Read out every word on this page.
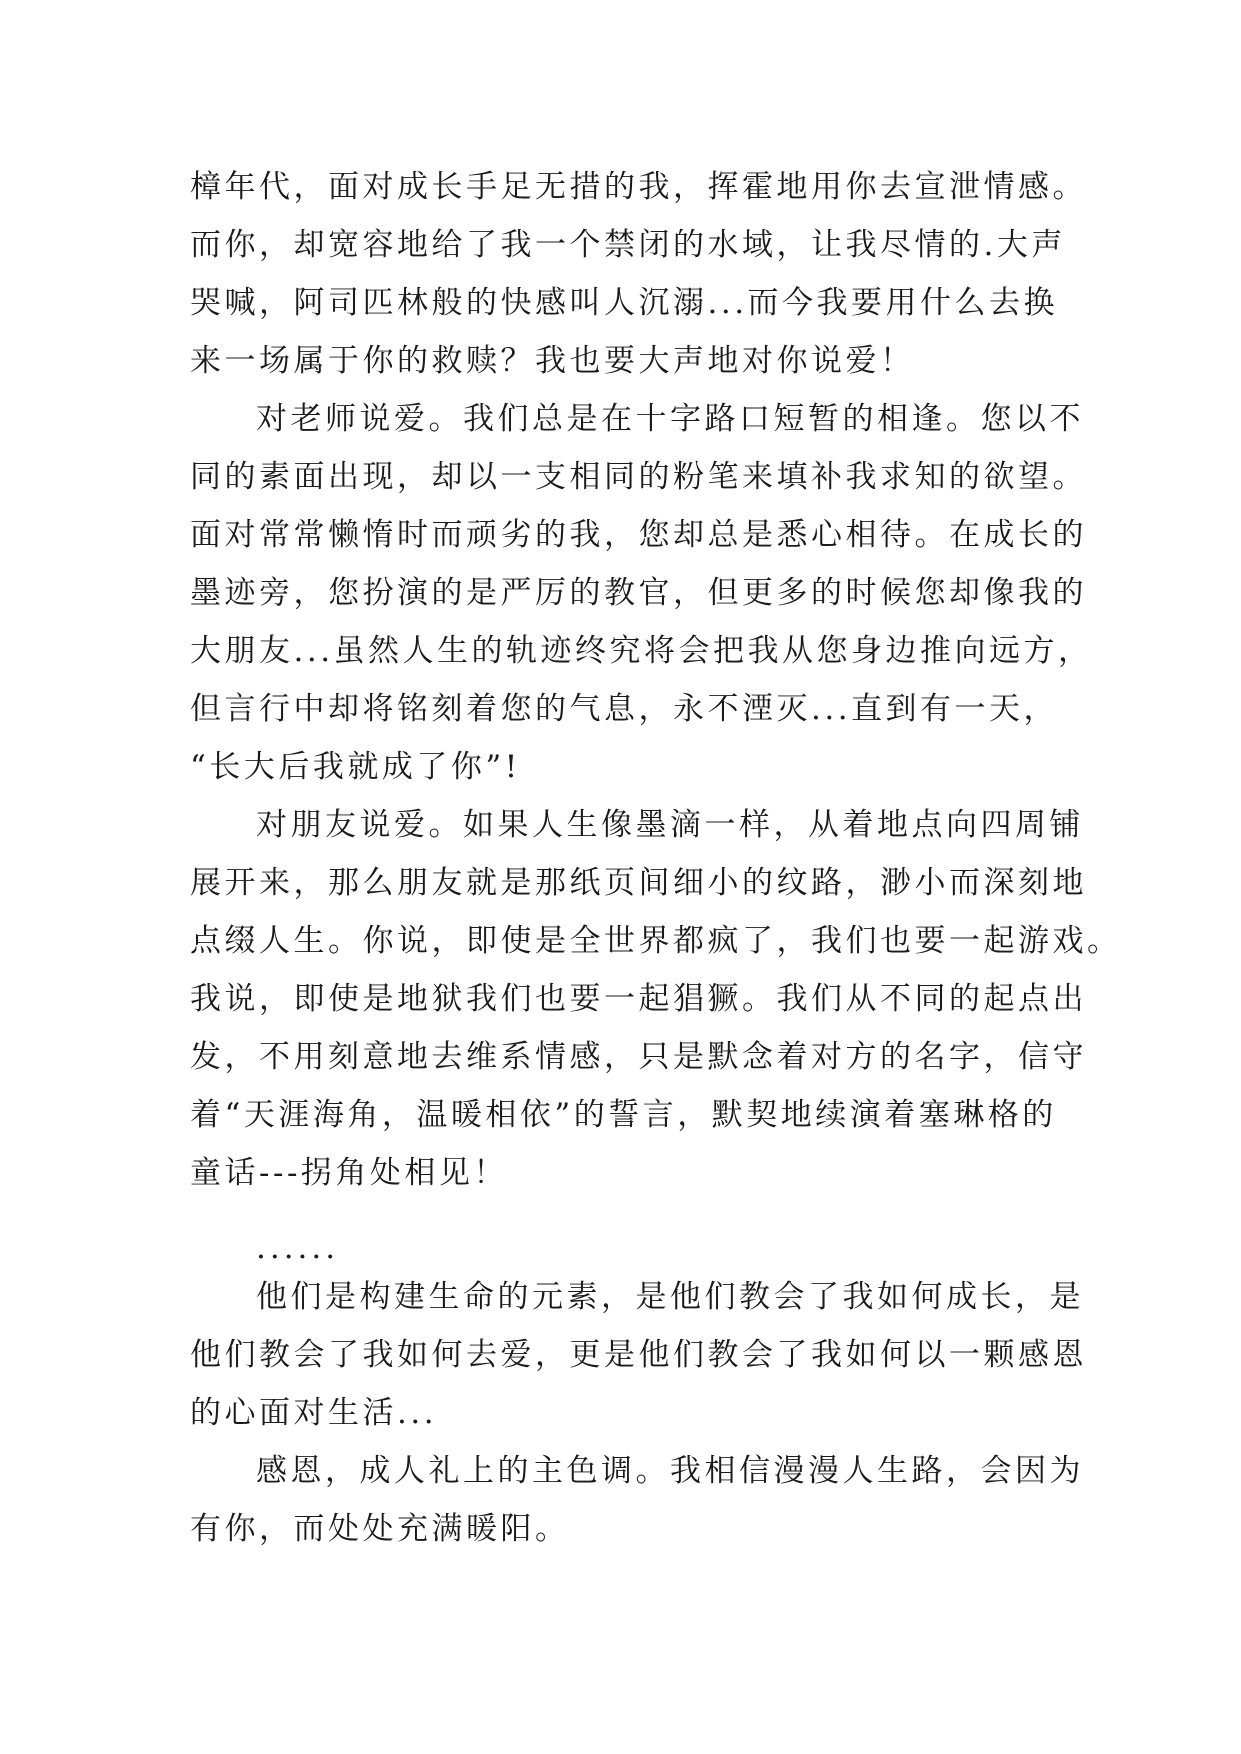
樟年代，面对成长手足无措的我，挥霍地用你去宣泄情感。
而你，却宽容地给了我一个禁闭的水域，让我尽情的.大声
哭喊，阿司匹林般的快感叫人沉溺...而今我要用什么去换
来一场属于你的救赎？我也要大声地对你说爱！
对老师说爱。我们总是在十字路口短暂的相逢。您以不
同的素面出现，却以一支相同的粉笔来填补我求知的欲望。
面对常常懒惰时而顽劣的我，您却总是悉心相待。在成长的
墨迹旁，您扮演的是严厉的教官，但更多的时候您却像我的
大朋友...虽然人生的轨迹终究将会把我从您身边推向远方，
但言行中却将铭刻着您的气息，永不湮灭...直到有一天，
“长大后我就成了你”!
对朋友说爱。如果人生像墨滴一样，从着地点向四周铺
展开来，那么朋友就是那纸页间细小的纹路，渺小而深刻地
点缀人生。你说，即使是全世界都疯了，我们也要一起游戏。
我说，即使是地狱我们也要一起猖獗。我们从不同的起点出
发，不用刻意地去维系情感，只是默念着对方的名字，信守
着“天涯海角，温暖相依”的誓言，默契地续演着塞琳格的
童话---拐角处相见！
......
他们是构建生命的元素，是他们教会了我如何成长，是
他们教会了我如何去爱，更是他们教会了我如何以一颗感恩
的心面对生活...
感恩，成人礼上的主色调。我相信漫漫人生路，会因为
有你，而处处充满暖阳。
